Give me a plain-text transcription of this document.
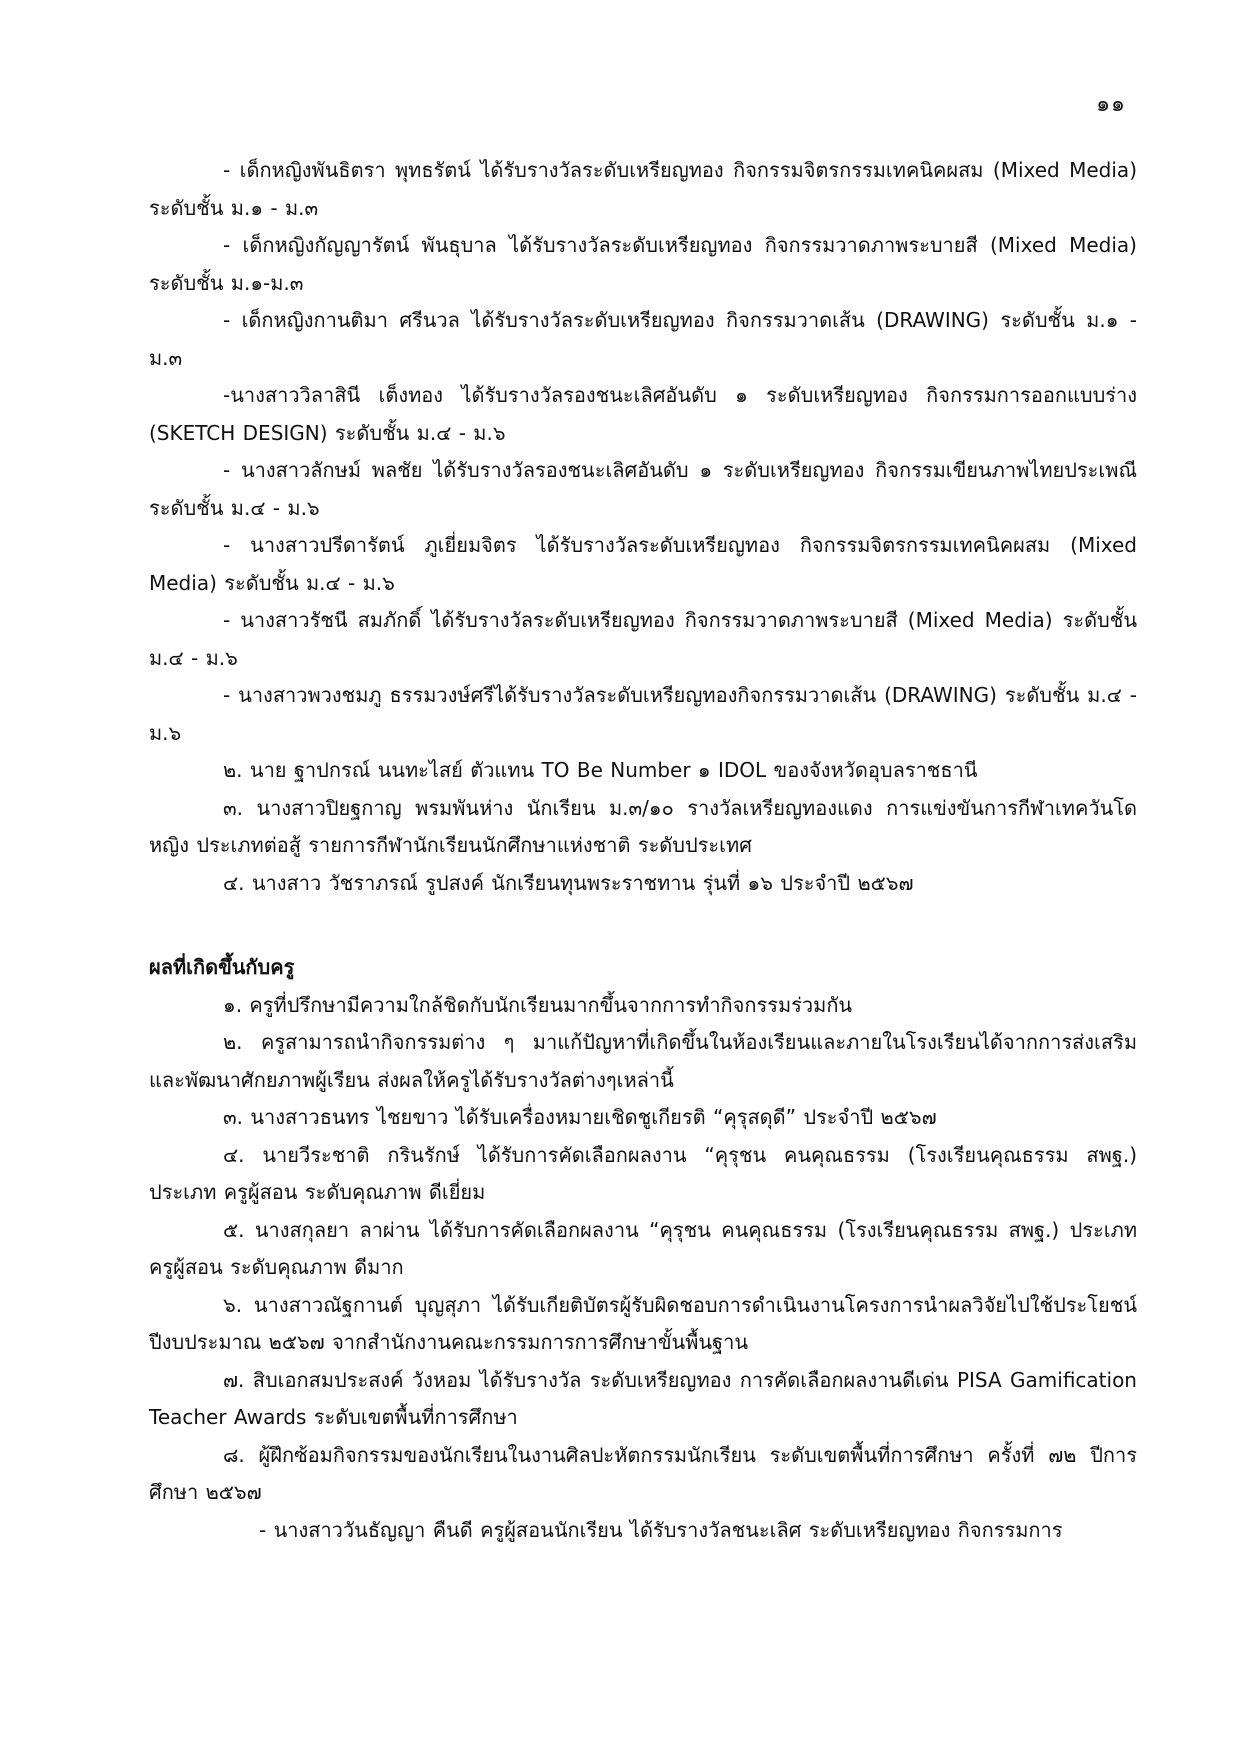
๑๑

- เด็กหญิงพันธิตรา พุทธรัตน์ ได้รับรางวัลระดับเหรียญทอง กิจกรรมจิตรกรรมเทคนิคผสม (Mixed Media) ระดับชั้น ม.๑ - ม.๓

- เด็กหญิงกัญญารัตน์ พันธุบาล ได้รับรางวัลระดับเหรียญทอง กิจกรรมวาดภาพระบายสี (Mixed Media) ระดับชั้น ม.๑-ม.๓

- เด็กหญิงกานติมา ศรีนวล ได้รับรางวัลระดับเหรียญทอง กิจกรรมวาดเส้น (DRAWING) ระดับชั้น ม.๑ - ม.๓

-นางสาววิลาสินี เต็งทอง ได้รับรางวัลรองชนะเลิศอันดับ ๑ ระดับเหรียญทอง กิจกรรมการออกแบบร่าง (SKETCH DESIGN) ระดับชั้น ม.๔ - ม.๖

- นางสาวลักษม์ พลชัย ได้รับรางวัลรองชนะเลิศอันดับ ๑ ระดับเหรียญทอง กิจกรรมเขียนภาพไทยประเพณี ระดับชั้น ม.๔ - ม.๖

- นางสาวปรีดารัตน์ ภูเยี่ยมจิตร ได้รับรางวัลระดับเหรียญทอง กิจกรรมจิตรกรรมเทคนิคผสม (Mixed Media) ระดับชั้น ม.๔ - ม.๖

- นางสาวรัชนี สมภักดิ์ ได้รับรางวัลระดับเหรียญทอง กิจกรรมวาดภาพระบายสี (Mixed Media) ระดับชั้น ม.๔ - ม.๖

- นางสาวพวงชมภู ธรรมวงษ์ศรีได้รับรางวัลระดับเหรียญทองกิจกรรมวาดเส้น (DRAWING) ระดับชั้น ม.๔ - ม.๖

๒. นาย ฐาปกรณ์ นนทะไสย์ ตัวแทน TO Be Number ๑ IDOL ของจังหวัดอุบลราชธานี

๓. นางสาวปิยฐกาญ พรมพันห่าง นักเรียน ม.๓/๑๐ รางวัลเหรียญทองแดง การแข่งขันการกีฬาเทควันโดหญิง ประเภทต่อสู้ รายการกีฬานักเรียนนักศึกษาแห่งชาติ ระดับประเทศ

๔. นางสาว วัชราภรณ์ รูปสงค์ นักเรียนทุนพระราชทาน รุ่นที่ ๑๖ ประจำปี ๒๕๖๗

ผลที่เกิดขึ้นกับครู

๑. ครูที่ปรึกษามีความใกล้ชิดกับนักเรียนมากขึ้นจากการทำกิจกรรมร่วมกัน

๒. ครูสามารถนำกิจกรรมต่าง ๆ มาแก้ปัญหาที่เกิดขึ้นในห้องเรียนและภายในโรงเรียนได้จากการส่งเสริมและพัฒนาศักยภาพผู้เรียน ส่งผลให้ครูได้รับรางวัลต่างๆเหล่านี้

๓. นางสาวธนทร ไชยขาว ได้รับเครื่องหมายเชิดชูเกียรติ “คุรุสดุดี” ประจำปี ๒๕๖๗

๔. นายวีระชาติ กรินรักษ์ ได้รับการคัดเลือกผลงาน “คุรุชน คนคุณธรรม (โรงเรียนคุณธรรม สพฐ.) ประเภท ครูผู้สอน ระดับคุณภาพ ดีเยี่ยม

๕. นางสกุลยา ลาผ่าน ได้รับการคัดเลือกผลงาน “คุรุชน คนคุณธรรม (โรงเรียนคุณธรรม สพฐ.) ประเภท ครูผู้สอน ระดับคุณภาพ ดีมาก

๖. นางสาวณัฐกานต์ บุญสุภา ได้รับเกียติบัตรผู้รับผิดชอบการดำเนินงานโครงการนำผลวิจัยไปใช้ประโยชน์ ปีงบประมาณ ๒๕๖๗ จากสำนักงานคณะกรรมการการศึกษาขั้นพื้นฐาน

๗. สิบเอกสมประสงค์ วังหอม ได้รับรางวัล ระดับเหรียญทอง การคัดเลือกผลงานดีเด่น PISA Gamification Teacher Awards ระดับเขตพื้นที่การศึกษา

๘. ผู้ฝึกซ้อมกิจกรรมของนักเรียนในงานศิลปะหัตกรรมนักเรียน ระดับเขตพื้นที่การศึกษา ครั้งที่ ๗๒ ปีการศึกษา ๒๕๖๗

- นางสาววันธัญญา คืนดี ครูผู้สอนนักเรียน ได้รับรางวัลชนะเลิศ ระดับเหรียญทอง กิจกรรมการ
